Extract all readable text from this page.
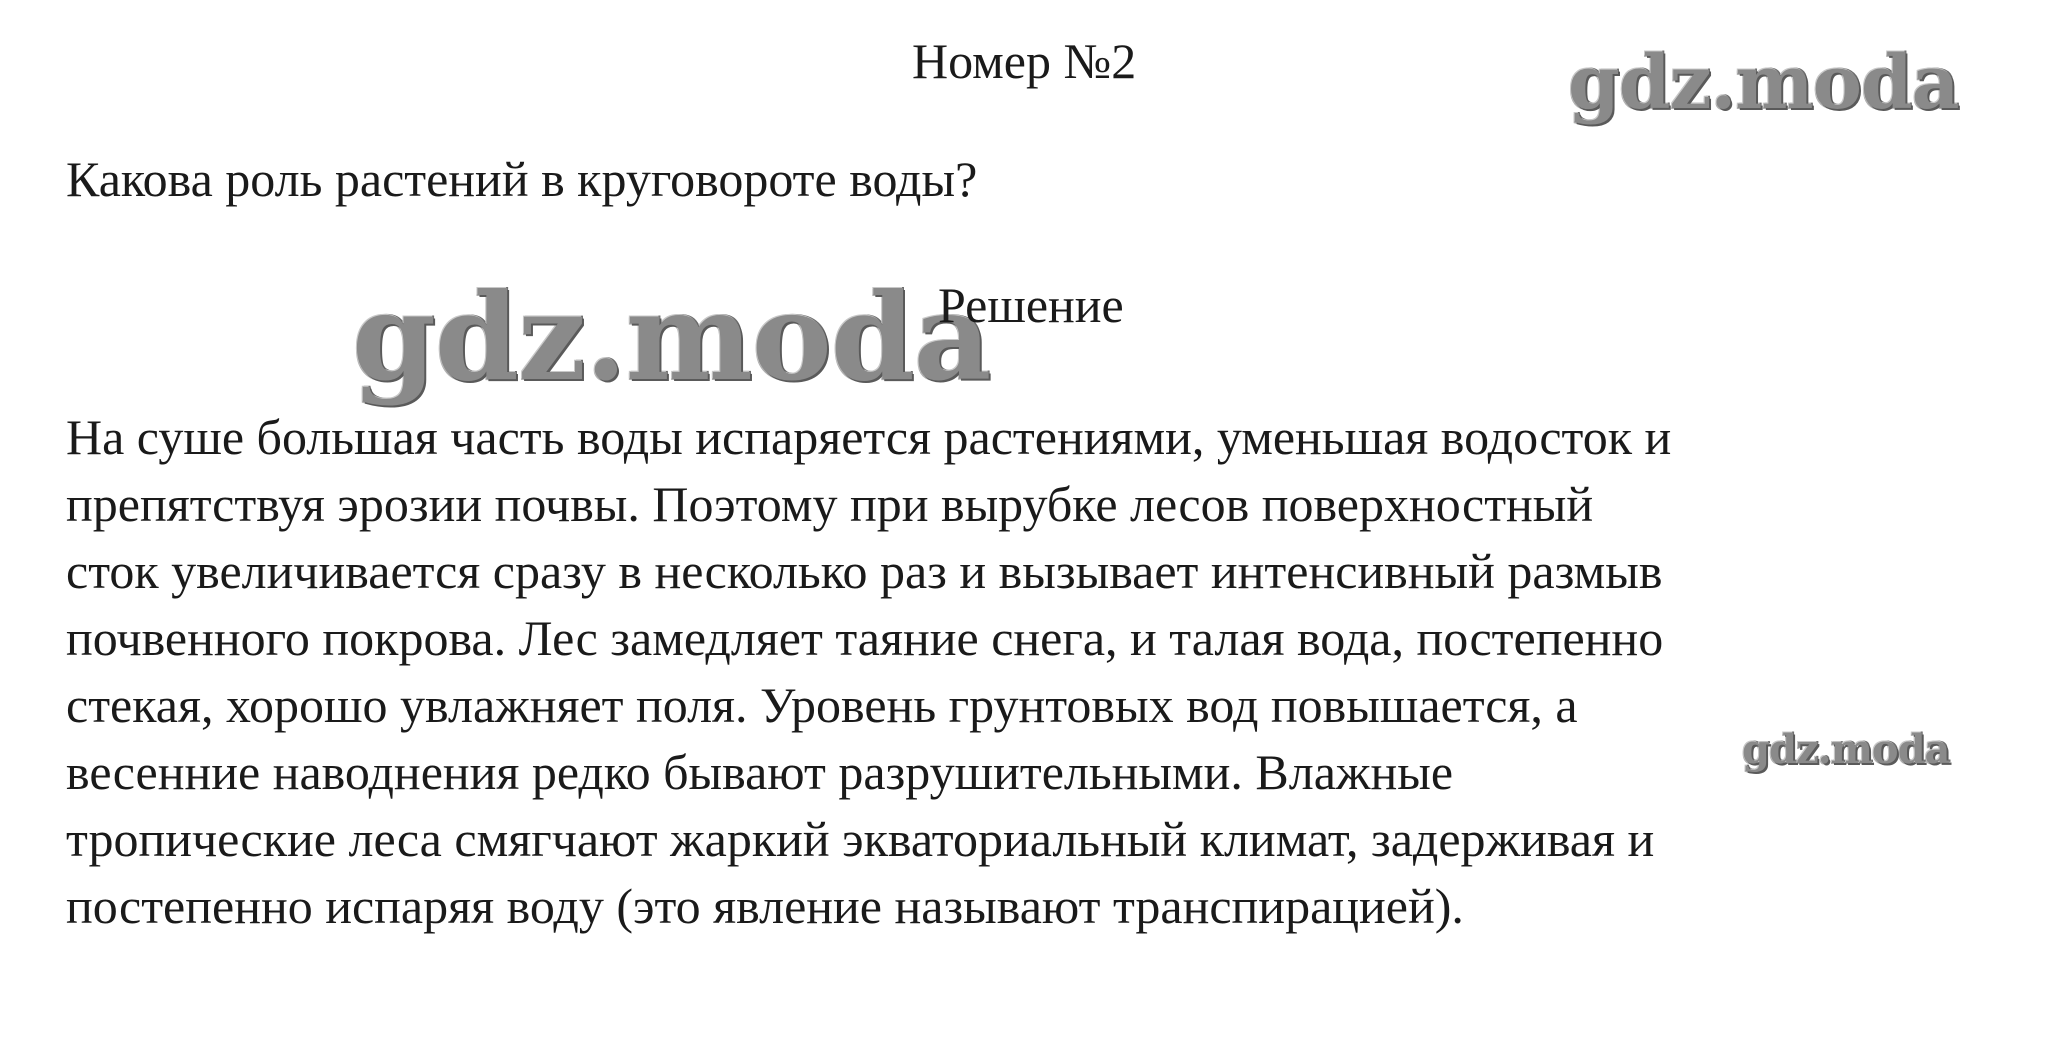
Номер №2	gdz.moda
Какова роль растений в круговороте воды?
gdz.moda
Решение
На суше большая часть воды испаряется растениями, уменьшая водосток и
препятствуя эрозии почвы. Поэтому при вырубке лесов поверхностный
сток увеличивается сразу в несколько раз и вызывает интенсивный размыв
почвенного покрова. Лес замедляет таяние снега, и талая вода, постепенно
стекая, хорошо увлажняет поля. Уровень грунтовых вод повышается, а
весенние наводнения редко бывают разрушительными. Влажные
тропические леса смягчают жаркий экваториальный климат, задерживая и
постепенно испаряя воду (это явление называют транспирацией).
gdz.moda
